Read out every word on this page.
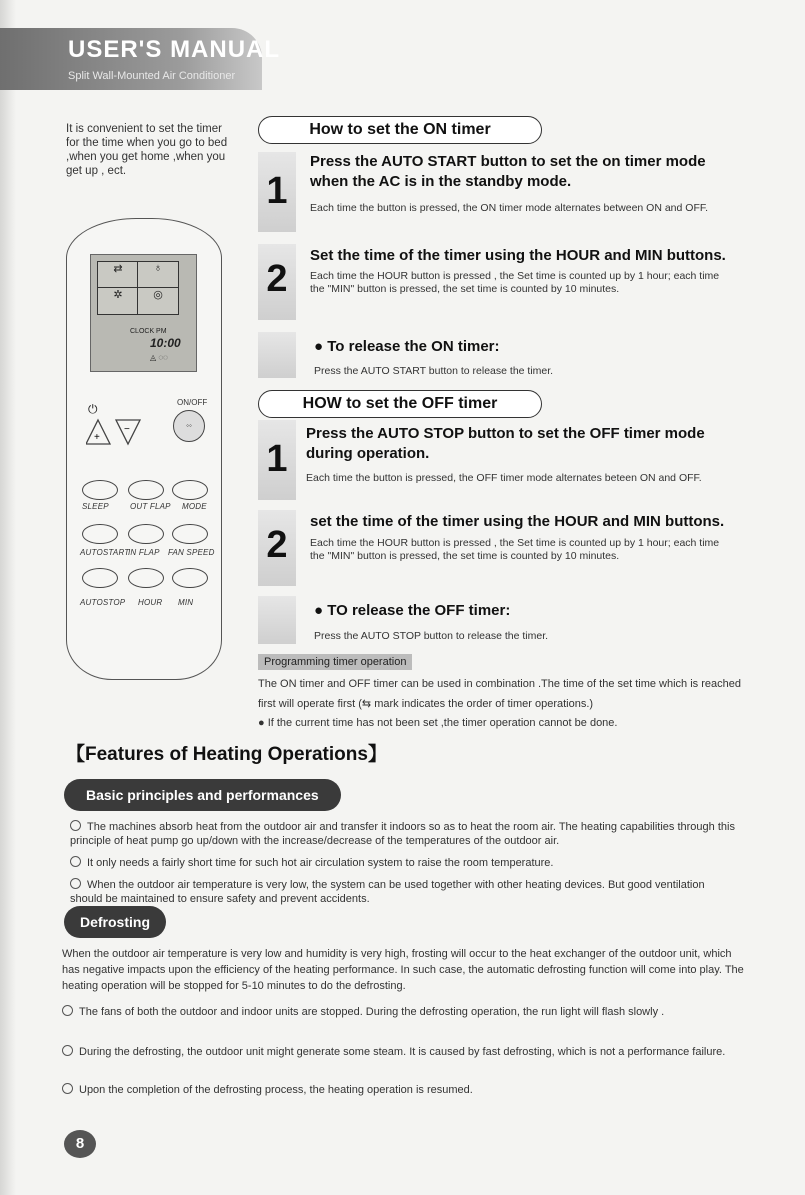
USER'S MANUAL
Split Wall-Mounted Air Conditioner
It is convenient to set the timer for the time when you go to bed ,when you get home ,when you get up , ect.
⇄	♁
✲	◎
CLOCK PM
10:00
◬ ◌◌
⏻	ON/OFF
◦◦
+
−
SLEEP	OUT FLAP MODE
AUTOSTART
IN FLAP FAN SPEED
AUTOSTOP HOUR MIN
How to set the ON timer
1
Press the AUTO START button to set the on timer mode when the AC is in the standby mode.
Each time the button is pressed, the ON timer mode alternates between ON and OFF.
2
Set the time of the timer using the HOUR and MIN buttons.
Each time the HOUR button is pressed , the Set time is counted up by 1 hour; each time the "MIN" button is pressed, the set time is counted by 10 minutes.
● To release the ON timer:
Press the AUTO START button to release the timer.
HOW to set the OFF timer
1
Press the AUTO STOP button to set the OFF timer mode during operation.
Each time the button is pressed, the OFF timer mode alternates beteen ON and OFF.
2
set the time of the timer using the HOUR and MIN buttons.
Each time the HOUR button is pressed , the Set time is counted up by 1 hour; each time the "MIN" button is pressed, the set time is counted by 10 minutes.
● TO release the OFF timer:
Press the AUTO STOP button to release the timer.
Programming timer operation
The ON timer and OFF timer can be used in combination .The time of the set time which is reached first will operate first (⇆ mark indicates the order of timer operations.)
● If the current time has not been set ,the timer operation cannot be done.
【Features of Heating Operations】
Basic principles and performances
The machines absorb heat from the outdoor air and transfer it indoors so as to heat the room air. The heating capabilities through this principle of heat pump go up/down with the increase/decrease of the temperatures of the outdoor air.
It only needs a fairly short time for such hot air circulation system to raise the room temperature.
When the outdoor air temperature is very low, the system can be used together with other heating devices. But good ventilation should be maintained to ensure safety and prevent accidents.
Defrosting
When the outdoor air temperature is very low and humidity is very high, frosting will occur to the heat exchanger of the outdoor unit, which has negative impacts upon the efficiency of the heating performance. In such case, the automatic defrosting function will come into play. The heating operation will be stopped for 5-10 minutes to do the defrosting.
The fans of both the outdoor and indoor units are stopped. During the defrosting operation, the run light will flash slowly .
During the defrosting, the outdoor unit might generate some steam. It is caused by fast defrosting, which is not a performance failure.
Upon the completion of the defrosting process, the heating operation is resumed.
8
